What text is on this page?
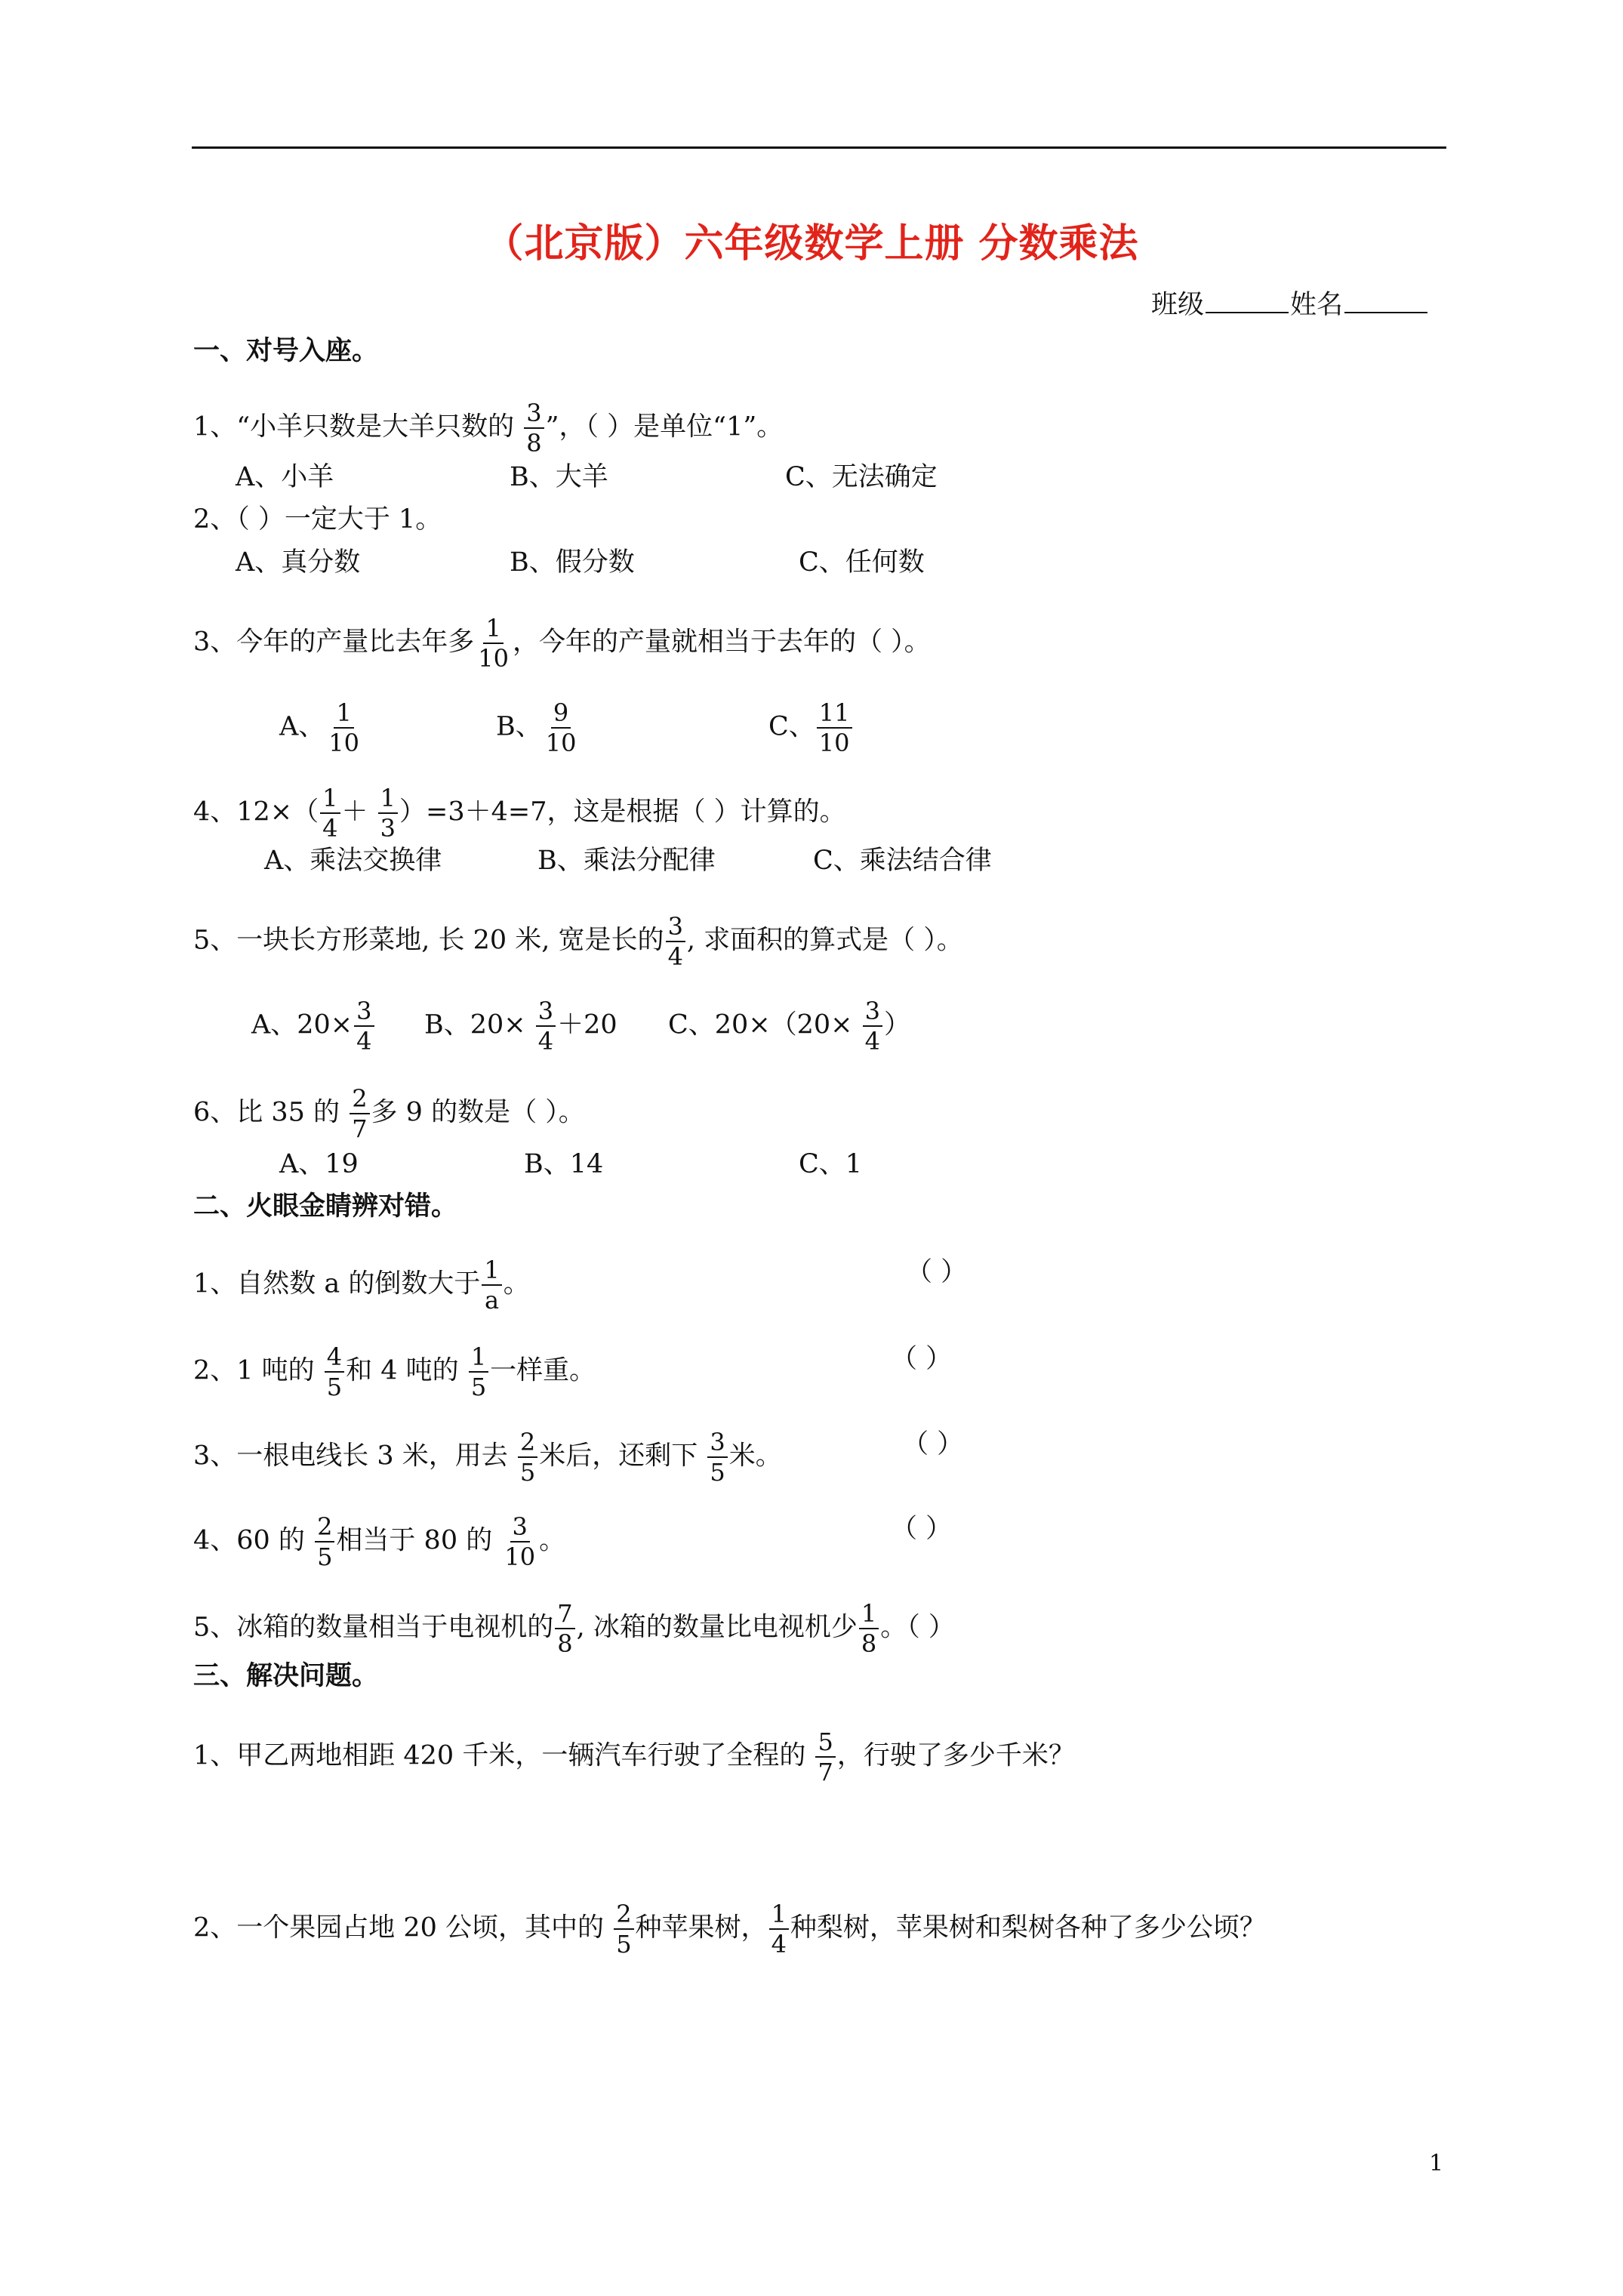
（北京版）六年级数学上册 分数乘法
班级	姓名
一、对号入座。
1、“小羊只数是大羊只数的 $\frac{3}{8}$ ”，（ ）是单位“1”。
A、小羊	B、大羊	C、无法确定
2、（ ）一定大于 1。
A、真分数	B、假分数	C、任何数
3、今年的产量比去年多 $\frac{1}{10}$ ，今年的产量就相当于去年的（ ）。
A、 $\frac{1}{10}$	B、 $\frac{9}{10}$	C、 $\frac{11}{10}$
4、$12\times( \frac{1}{4} + \frac{1}{3} )=3+4=7$，这是根据（ ）计算的。
A、乘法交换律	B、乘法分配律	C、乘法结合律
5、一块长方形菜地, 长 20 米, 宽是长的 $\frac{3}{4}$ , 求面积的算式是（ ）。
A、$20\times \frac{3}{4}$ B、$20\times \frac{3}{4} +20$ C、$20\times(20\times \frac{3}{4}$ ）
6、比 35 的 $\frac{2}{7}$ 多 9 的数是（ ）。
A、19	B、14	C、1
二、火眼金睛辨对错。
1、自然数 a 的倒数大于 $\frac{1}{a}$ 。	（ ）
2、1 吨的 $\frac{4}{5}$ 和 4 吨的 $\frac{1}{5}$ 一样重。	（ ）
3、一根电线长 3 米，用去 $\frac{2}{5}$ 米后，还剩下 $\frac{3}{5}$ 米。	（ ）
4、60 的 $\frac{2}{5}$ 相当于 80 的 $\frac{3}{10}$ 。	（ ）
5、冰箱的数量相当于电视机的 $\frac{7}{8}$ , 冰箱的数量比电视机少 $\frac{1}{8}$ 。（ ）
三、解决问题。
1、甲乙两地相距 420 千米，一辆汽车行驶了全程的 $\frac{5}{7}$ ，行驶了多少千米？
2、一个果园占地 20 公顷，其中的 $\frac{2}{5}$ 种苹果树， $\frac{1}{4}$ 种梨树，苹果树和梨树各种了多少公顷？
1
